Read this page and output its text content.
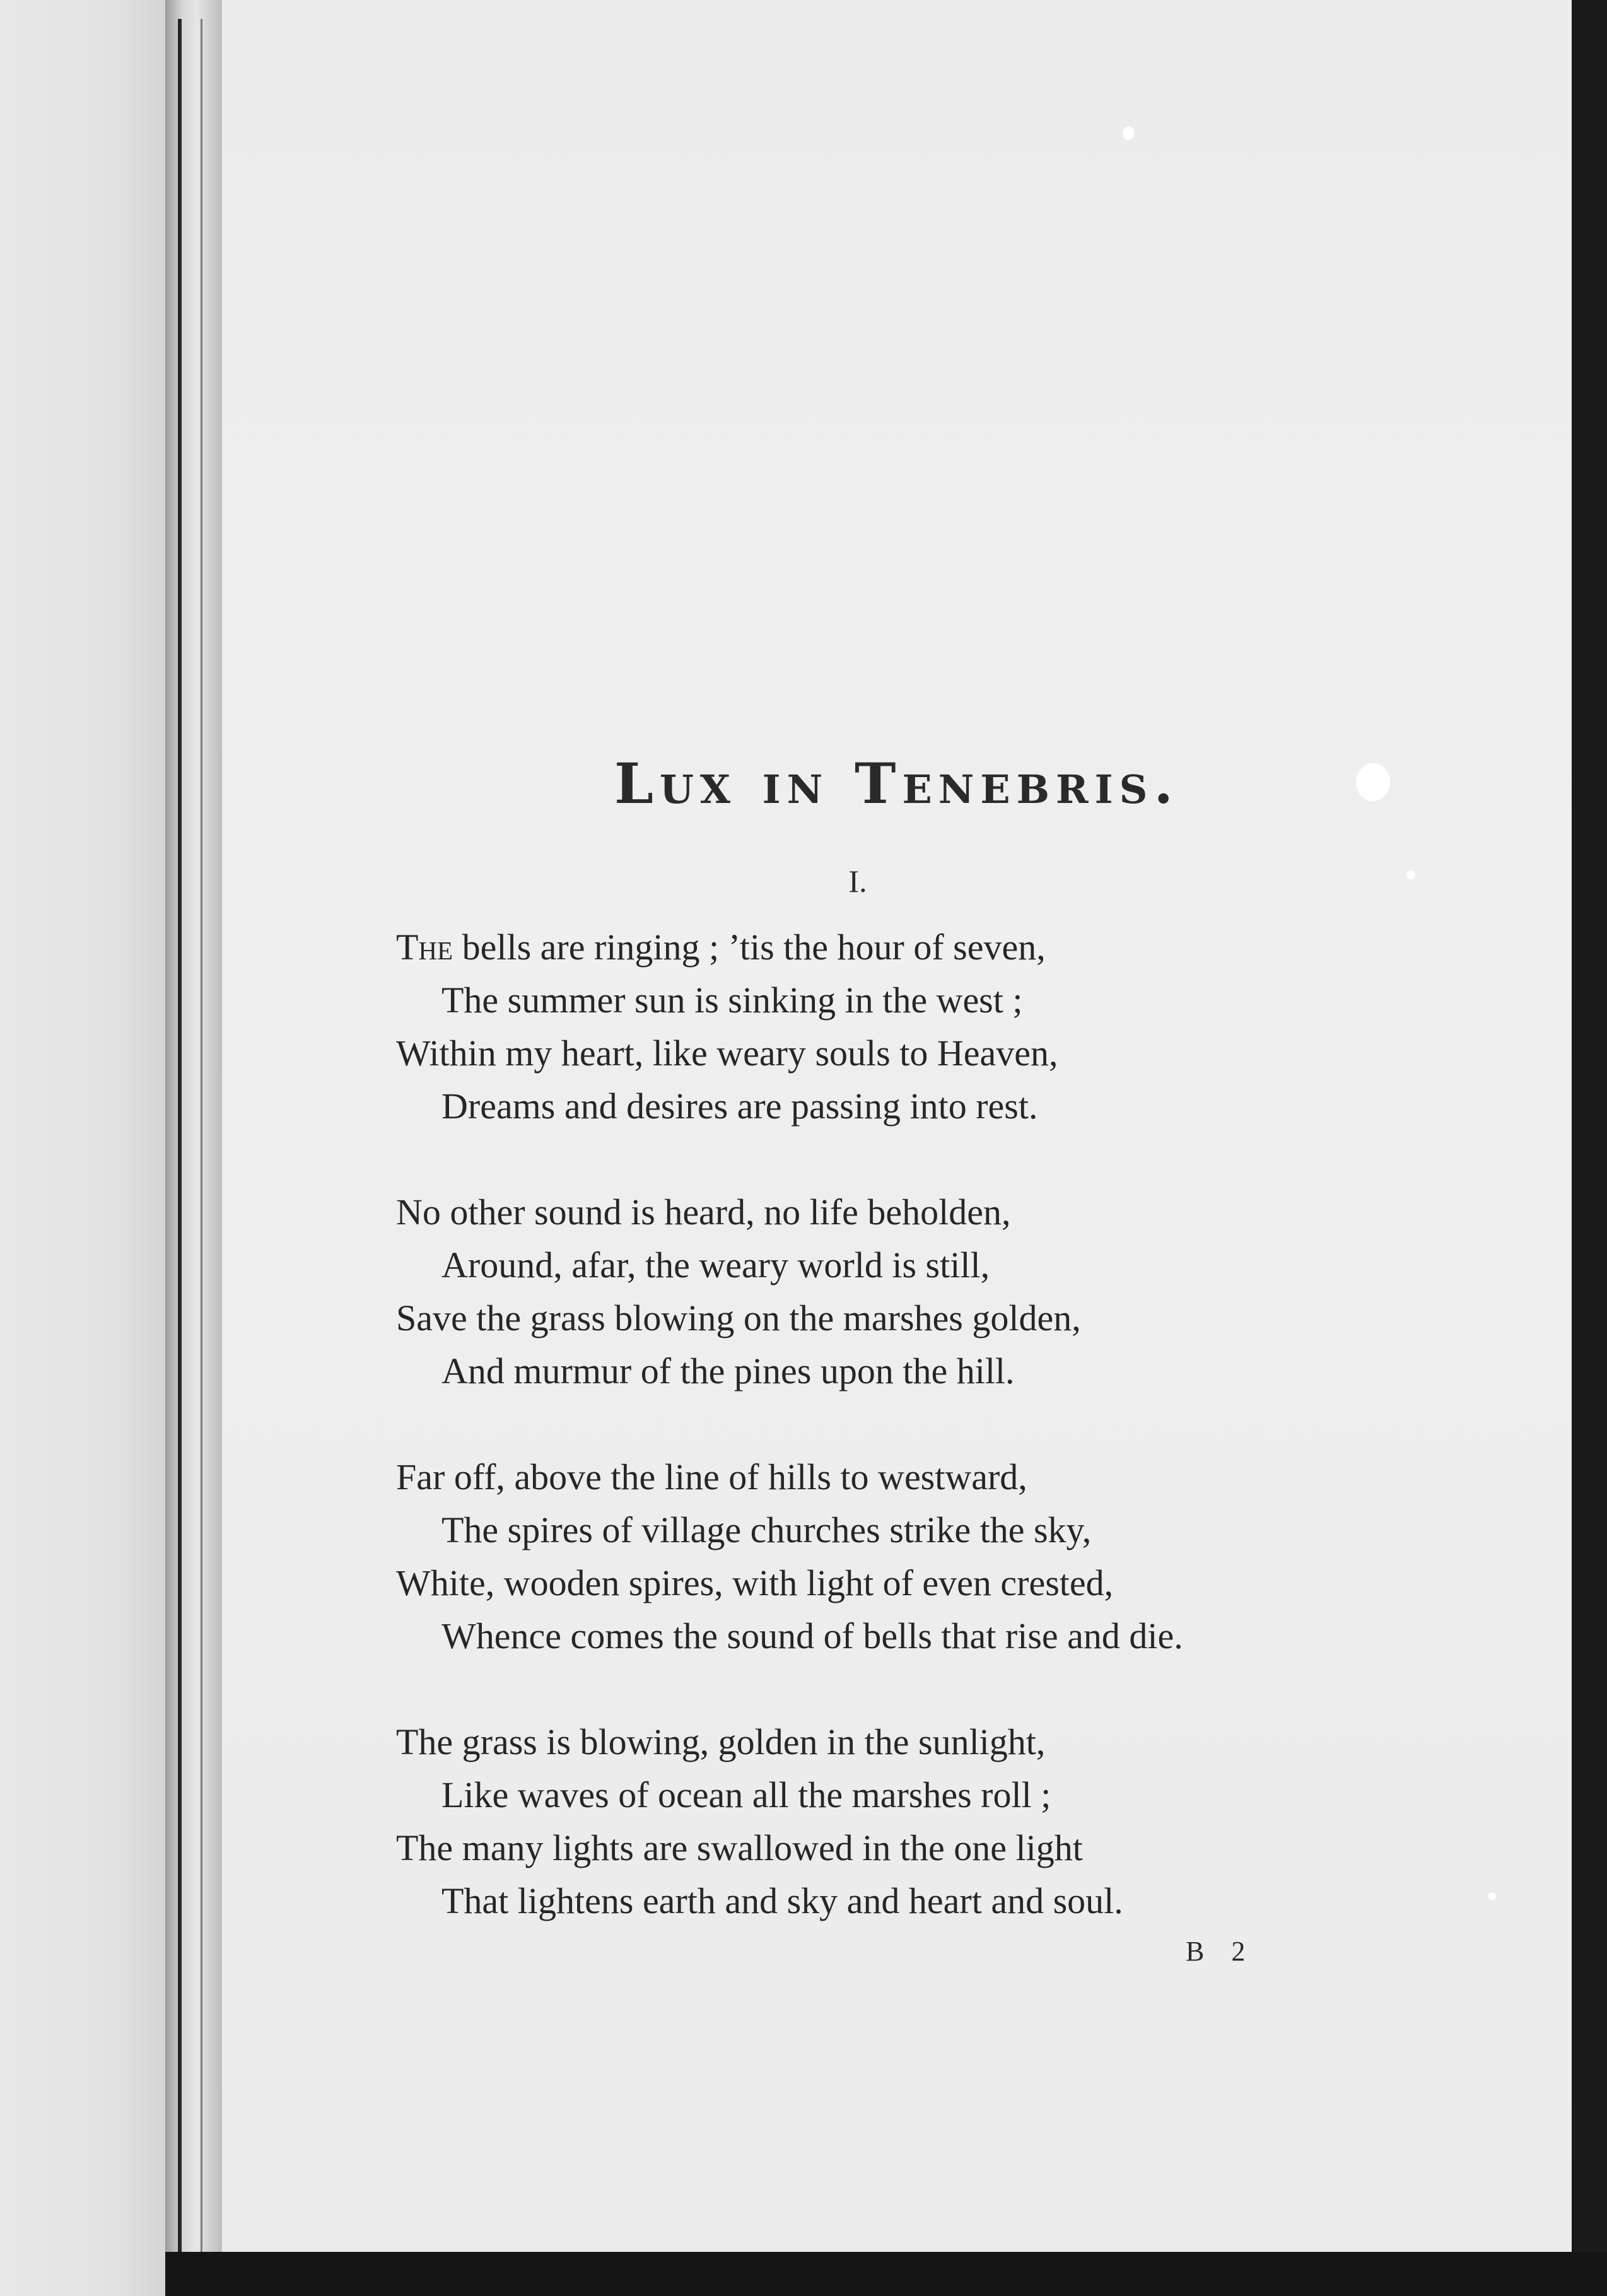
Lux in Tenebris.
I.
The bells are ringing ; ’tis the hour of seven,
The summer sun is sinking in the west ;
Within my heart, like weary souls to Heaven,
Dreams and desires are passing into rest.
No other sound is heard, no life beholden,
Around, afar, the weary world is still,
Save the grass blowing on the marshes golden,
And murmur of the pines upon the hill.
Far off, above the line of hills to westward,
The spires of village churches strike the sky,
White, wooden spires, with light of even crested,
Whence comes the sound of bells that rise and die.
The grass is blowing, golden in the sunlight,
Like waves of ocean all the marshes roll ;
The many lights are swallowed in the one light
That lightens earth and sky and heart and soul.
B 2
